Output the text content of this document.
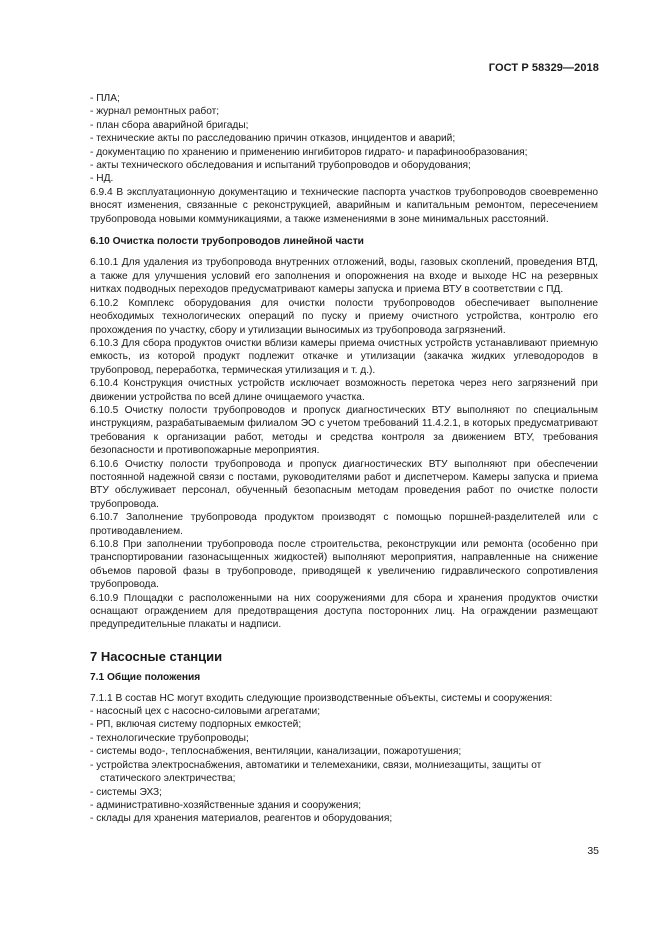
ГОСТ Р 58329—2018
- ПЛА;
- журнал ремонтных работ;
- план сбора аварийной бригады;
- технические акты по расследованию причин отказов, инцидентов и аварий;
- документацию по хранению и применению ингибиторов гидрато- и парафинообразования;
- акты технического обследования и испытаний трубопроводов и оборудования;
- НД.
6.9.4 В эксплуатационную документацию и технические паспорта участков трубопроводов своевременно вносят изменения, связанные с реконструкцией, аварийным и капитальным ремонтом, пересечением трубопровода новыми коммуникациями, а также изменениями в зоне минимальных расстояний.
6.10 Очистка полости трубопроводов линейной части
6.10.1 Для удаления из трубопровода внутренних отложений, воды, газовых скоплений, проведения ВТД, а также для улучшения условий его заполнения и опорожнения на входе и выходе НС на резервных нитках подводных переходов предусматривают камеры запуска и приема ВТУ в соответствии с ПД.
6.10.2 Комплекс оборудования для очистки полости трубопроводов обеспечивает выполнение необходимых технологических операций по пуску и приему очистного устройства, контролю его прохождения по участку, сбору и утилизации выносимых из трубопровода загрязнений.
6.10.3 Для сбора продуктов очистки вблизи камеры приема очистных устройств устанавливают приемную емкость, из которой продукт подлежит откачке и утилизации (закачка жидких углеводородов в трубопровод, переработка, термическая утилизация и т. д.).
6.10.4 Конструкция очистных устройств исключает возможность перетока через него загрязнений при движении устройства по всей длине очищаемого участка.
6.10.5 Очистку полости трубопроводов и пропуск диагностических ВТУ выполняют по специальным инструкциям, разрабатываемым филиалом ЭО с учетом требований 11.4.2.1, в которых предусматривают требования к организации работ, методы и средства контроля за движением ВТУ, требования безопасности и противопожарные мероприятия.
6.10.6 Очистку полости трубопровода и пропуск диагностических ВТУ выполняют при обеспечении постоянной надежной связи с постами, руководителями работ и диспетчером. Камеры запуска и приема ВТУ обслуживает персонал, обученный безопасным методам проведения работ по очистке полости трубопровода.
6.10.7 Заполнение трубопровода продуктом производят с помощью поршней-разделителей или с противодавлением.
6.10.8 При заполнении трубопровода после строительства, реконструкции или ремонта (особенно при транспортировании газонасыщенных жидкостей) выполняют мероприятия, направленные на снижение объемов паровой фазы в трубопроводе, приводящей к увеличению гидравлического сопротивления трубопровода.
6.10.9 Площадки с расположенными на них сооружениями для сбора и хранения продуктов очистки оснащают ограждением для предотвращения доступа посторонних лиц. На ограждении размещают предупредительные плакаты и надписи.
7 Насосные станции
7.1 Общие положения
7.1.1 В состав НС могут входить следующие производственные объекты, системы и сооружения:
- насосный цех с насосно-силовыми агрегатами;
- РП, включая систему подпорных емкостей;
- технологические трубопроводы;
- системы водо-, теплоснабжения, вентиляции, канализации, пожаротушения;
- устройства электроснабжения, автоматики и телемеханики, связи, молниезащиты, защиты от статического электричества;
- системы ЭХЗ;
- административно-хозяйственные здания и сооружения;
- склады для хранения материалов, реагентов и оборудования;
35
